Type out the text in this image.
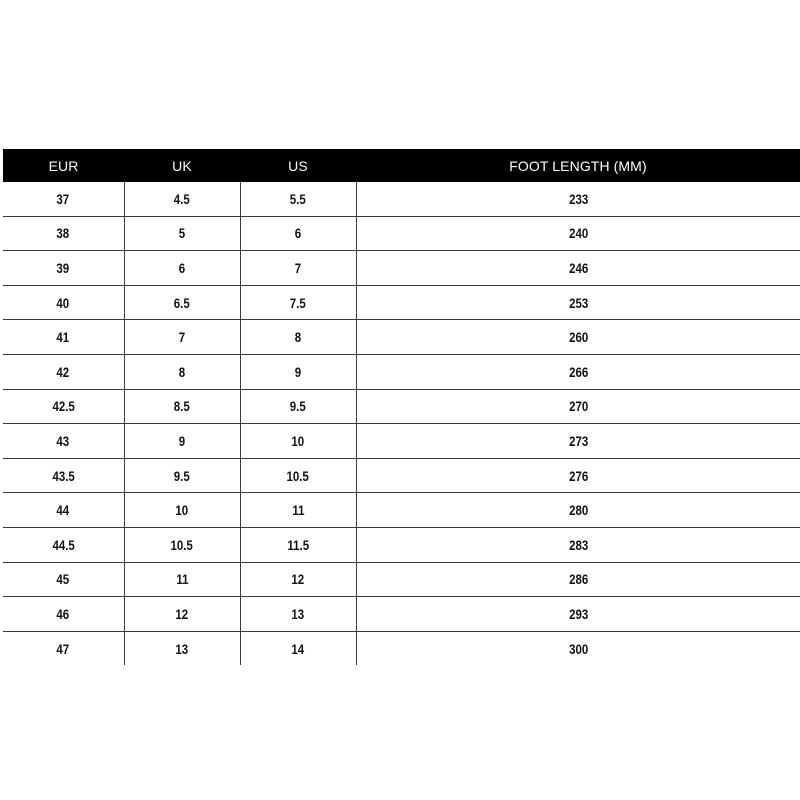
EUR	UK	US	FOOT LENGTH (MM)
37	4.5	5.5	233
38	5	6	240
39	6	7	246
40	6.5	7.5	253
41	7	8	260
42	8	9	266
42.5	8.5	9.5	270
43	9	10	273
43.5	9.5	10.5	276
44	10	11	280
44.5	10.5	11.5	283
45	11	12	286
46	12	13	293
47	13	14	300
